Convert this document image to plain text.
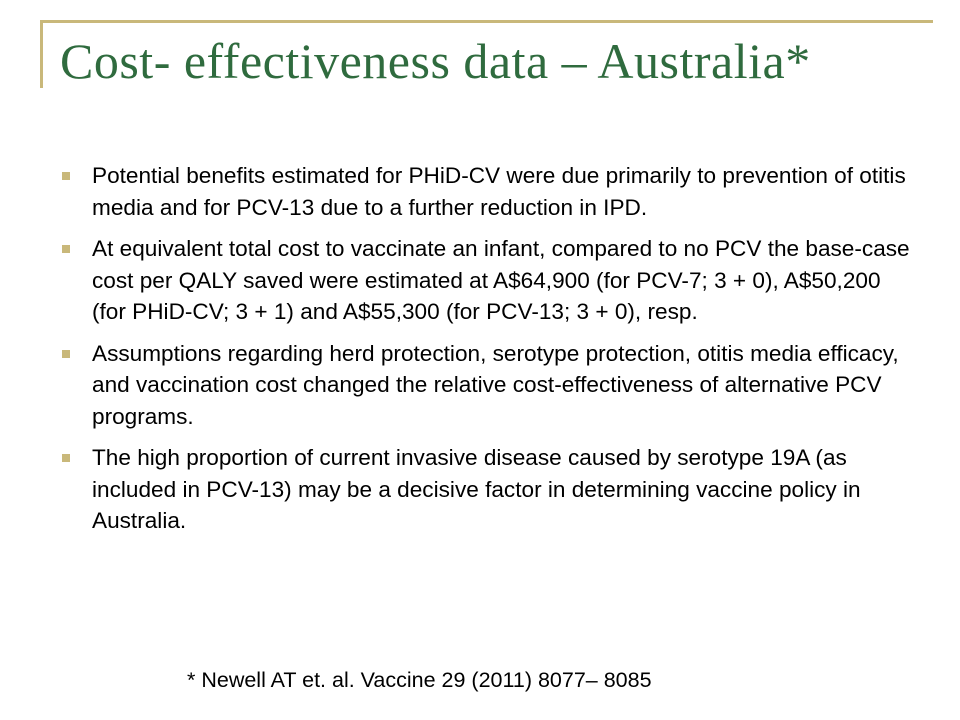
Cost- effectiveness data – Australia*
Potential benefits estimated for PHiD-CV were due primarily to prevention of otitis media and for PCV-13 due to a further reduction in IPD.
At equivalent total cost to vaccinate an infant, compared to no PCV the base-case cost per QALY saved were estimated at A$64,900 (for PCV-7; 3 + 0), A$50,200 (for PHiD-CV; 3 + 1) and A$55,300 (for PCV-13; 3 + 0), resp.
Assumptions regarding herd protection, serotype protection, otitis media efficacy, and vaccination cost changed the relative cost-effectiveness of alternative PCV programs.
The high proportion of current invasive disease caused by serotype 19A (as included in PCV-13) may be a decisive factor in determining vaccine policy in Australia.
* Newell AT et. al. Vaccine 29 (2011) 8077– 8085
